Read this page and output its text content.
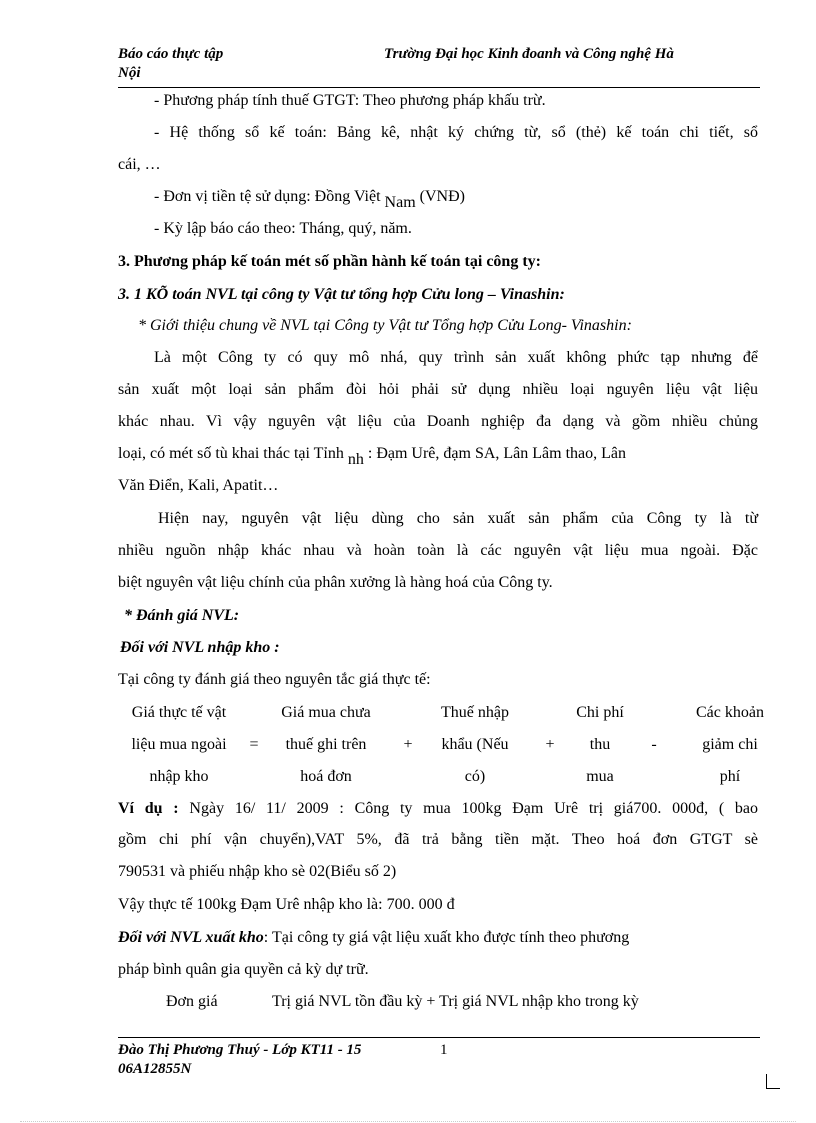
Báo cáo thực tập
Nội
Trường Đại học Kinh đoanh và Công nghệ Hà
- Phương pháp tính thuế GTGT: Theo phương pháp khấu trừ.
- Hệ thống sổ kế toán: Bảng kê, nhật ký chứng từ, sổ (thẻ) kế toán chi tiết, sổ
cái, …
- Đơn vị tiền tệ sử dụng: Đồng Việt Nam (VNĐ)
- Kỳ lập báo cáo theo: Tháng, quý, năm.
3. Phương pháp kế toán mét số phần hành kế toán tại công ty:
3. 1 KÕ toán NVL tại công ty Vật tư tổng hợp Cửu long – Vinashin:
* Giới thiệu chung về NVL tại Công ty Vật tư Tổng hợp Cửu Long- Vinashin:
Là một Công ty có quy mô nhá, quy trình sản xuất không phức tạp nhưng để
sản xuất một loại sản phẩm đòi hỏi phải sử dụng nhiều loại nguyên liệu vật liệu
khác nhau. Vì vậy nguyên vật liệu của Doanh nghiệp đa dạng và gồm nhiều chủng
loại, có mét số tù khai thác tại Tỉnh nh : Đạm Urê, đạm SA, Lân Lâm thao, Lân
Văn Điển, Kali, Apatit…
Hiện nay, nguyên vật liệu dùng cho sản xuất sản phẩm của Công ty là từ
nhiều nguồn nhập khác nhau và hoàn toàn là các nguyên vật liệu mua ngoài. Đặc
biệt nguyên vật liệu chính của phân xưởng là hàng hoá của Công ty.
* Đánh giá NVL:
Đối với NVL nhập kho :
Tại công ty đánh giá theo nguyên tắc giá thực tế:
Giá thực tế vật
liệu mua ngoài
nhập kho
=
Giá mua chưa
thuế ghi trên
hoá đơn
+
Thuế nhập
khẩu (Nếu
có)
+
Chi phí
thu
mua
-
Các khoản
giảm chi
phí
Ví dụ : Ngày 16/ 11/ 2009 : Công ty mua 100kg Đạm Urê trị giá700. 000đ, ( bao
gồm chi phí vận chuyển),VAT 5%, đã trả bằng tiền mặt. Theo hoá đơn GTGT sè
790531 và phiếu nhập kho sè 02(Biểu số 2)
Vậy thực tế 100kg Đạm Urê nhập kho là: 700. 000 đ
Đối với NVL xuất kho: Tại công ty giá vật liệu xuất kho được tính theo phương
pháp bình quân gia quyền cả kỳ dự trữ.
Đơn giá	Trị giá NVL tồn đầu kỳ + Trị giá NVL nhập kho trong kỳ
Đào Thị Phương Thuý - Lớp KT11 - 15	1
06A12855N
